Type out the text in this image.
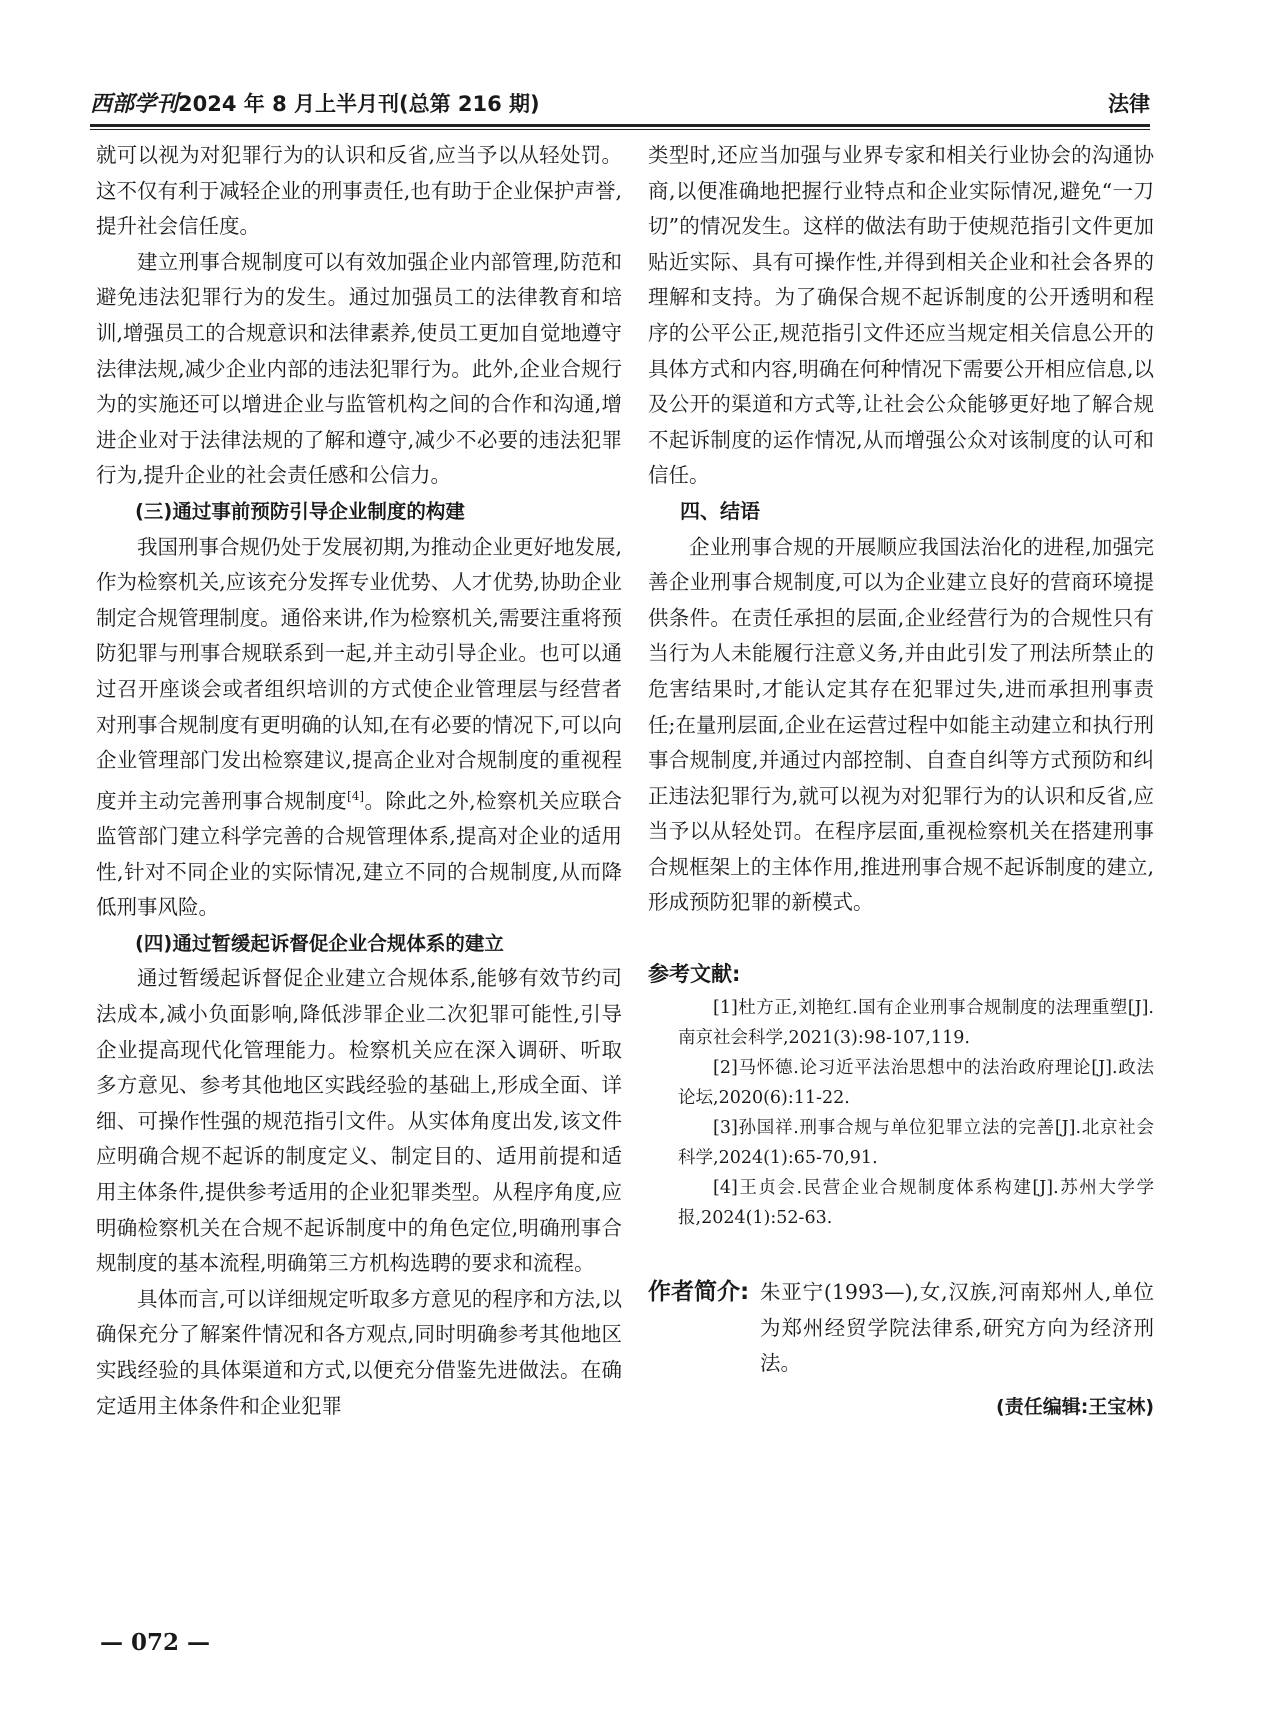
西部学刊2024 年 8 月上半月刊(总第 216 期)	法律

就可以视为对犯罪行为的认识和反省,应当予以从轻处罚。这不仅有利于减轻企业的刑事责任,也有助于企业保护声誉,提升社会信任度。

建立刑事合规制度可以有效加强企业内部管理,防范和避免违法犯罪行为的发生。通过加强员工的法律教育和培训,增强员工的合规意识和法律素养,使员工更加自觉地遵守法律法规,减少企业内部的违法犯罪行为。此外,企业合规行为的实施还可以增进企业与监管机构之间的合作和沟通,增进企业对于法律法规的了解和遵守,减少不必要的违法犯罪行为,提升企业的社会责任感和公信力。

(三)通过事前预防引导企业制度的构建

我国刑事合规仍处于发展初期,为推动企业更好地发展,作为检察机关,应该充分发挥专业优势、人才优势,协助企业制定合规管理制度。通俗来讲,作为检察机关,需要注重将预防犯罪与刑事合规联系到一起,并主动引导企业。也可以通过召开座谈会或者组织培训的方式使企业管理层与经营者对刑事合规制度有更明确的认知,在有必要的情况下,可以向企业管理部门发出检察建议,提高企业对合规制度的重视程度并主动完善刑事合规制度[4]。除此之外,检察机关应联合监管部门建立科学完善的合规管理体系,提高对企业的适用性,针对不同企业的实际情况,建立不同的合规制度,从而降低刑事风险。

(四)通过暂缓起诉督促企业合规体系的建立

通过暂缓起诉督促企业建立合规体系,能够有效节约司法成本,减小负面影响,降低涉罪企业二次犯罪可能性,引导企业提高现代化管理能力。检察机关应在深入调研、听取多方意见、参考其他地区实践经验的基础上,形成全面、详细、可操作性强的规范指引文件。从实体角度出发,该文件应明确合规不起诉的制度定义、制定目的、适用前提和适用主体条件,提供参考适用的企业犯罪类型。从程序角度,应明确检察机关在合规不起诉制度中的角色定位,明确刑事合规制度的基本流程,明确第三方机构选聘的要求和流程。

具体而言,可以详细规定听取多方意见的程序和方法,以确保充分了解案件情况和各方观点,同时明确参考其他地区实践经验的具体渠道和方式,以便充分借鉴先进做法。在确定适用主体条件和企业犯罪

类型时,还应当加强与业界专家和相关行业协会的沟通协商,以便准确地把握行业特点和企业实际情况,避免“一刀切”的情况发生。这样的做法有助于使规范指引文件更加贴近实际、具有可操作性,并得到相关企业和社会各界的理解和支持。为了确保合规不起诉制度的公开透明和程序的公平公正,规范指引文件还应当规定相关信息公开的具体方式和内容,明确在何种情况下需要公开相应信息,以及公开的渠道和方式等,让社会公众能够更好地了解合规不起诉制度的运作情况,从而增强公众对该制度的认可和信任。

四、结语

企业刑事合规的开展顺应我国法治化的进程,加强完善企业刑事合规制度,可以为企业建立良好的营商环境提供条件。在责任承担的层面,企业经营行为的合规性只有当行为人未能履行注意义务,并由此引发了刑法所禁止的危害结果时,才能认定其存在犯罪过失,进而承担刑事责任;在量刑层面,企业在运营过程中如能主动建立和执行刑事合规制度,并通过内部控制、自查自纠等方式预防和纠正违法犯罪行为,就可以视为对犯罪行为的认识和反省,应当予以从轻处罚。在程序层面,重视检察机关在搭建刑事合规框架上的主体作用,推进刑事合规不起诉制度的建立,形成预防犯罪的新模式。

参考文献:

[1]杜方正,刘艳红.国有企业刑事合规制度的法理重塑[J].南京社会科学,2021(3):98-107,119.

[2]马怀德.论习近平法治思想中的法治政府理论[J].政法论坛,2020(6):11-22.

[3]孙国祥.刑事合规与单位犯罪立法的完善[J].北京社会科学,2024(1):65-70,91.

[4]王贞会.民营企业合规制度体系构建[J].苏州大学学报,2024(1):52-63.

作者简介: 朱亚宁(1993—),女,汉族,河南郑州人,单位为郑州经贸学院法律系,研究方向为经济刑法。
(责任编辑:王宝林)
— 072 —
